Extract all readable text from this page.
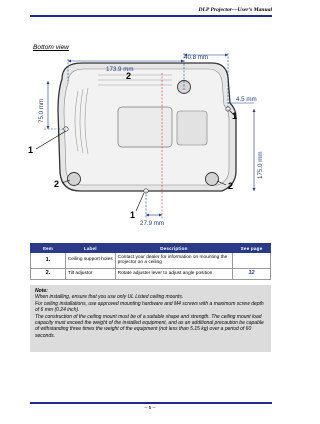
DLP Projector—User’s Manual
Bottom view
173.9 mm
40.8 mm
4.5 mm
75.0 mm
175.0 mm
27.9 mm
2
1
1
2	2
1
Item	Label	Description	See page
1.	Ceiling support holes	Contact your dealer for information on mounting the projector on a ceiling	
2.	Tilt adjustor	Rotate adjuster lever to adjust angle position.	12
Note:
When installing, ensure that you use only UL Listed ceiling mounts.
For ceiling installations, use approved mounting hardware and M4 screws with a maximum screw depth of 6 mm (0.24 inch).
The construction of the ceiling mount must be of a suitable shape and strength. The ceiling mount load capacity must exceed the weight of the installed equipment, and as an additional precaution be capable of withstanding three times the weight of the equipment (not less than 5.15 kg) over a period of 60 seconds.
– 5 –
